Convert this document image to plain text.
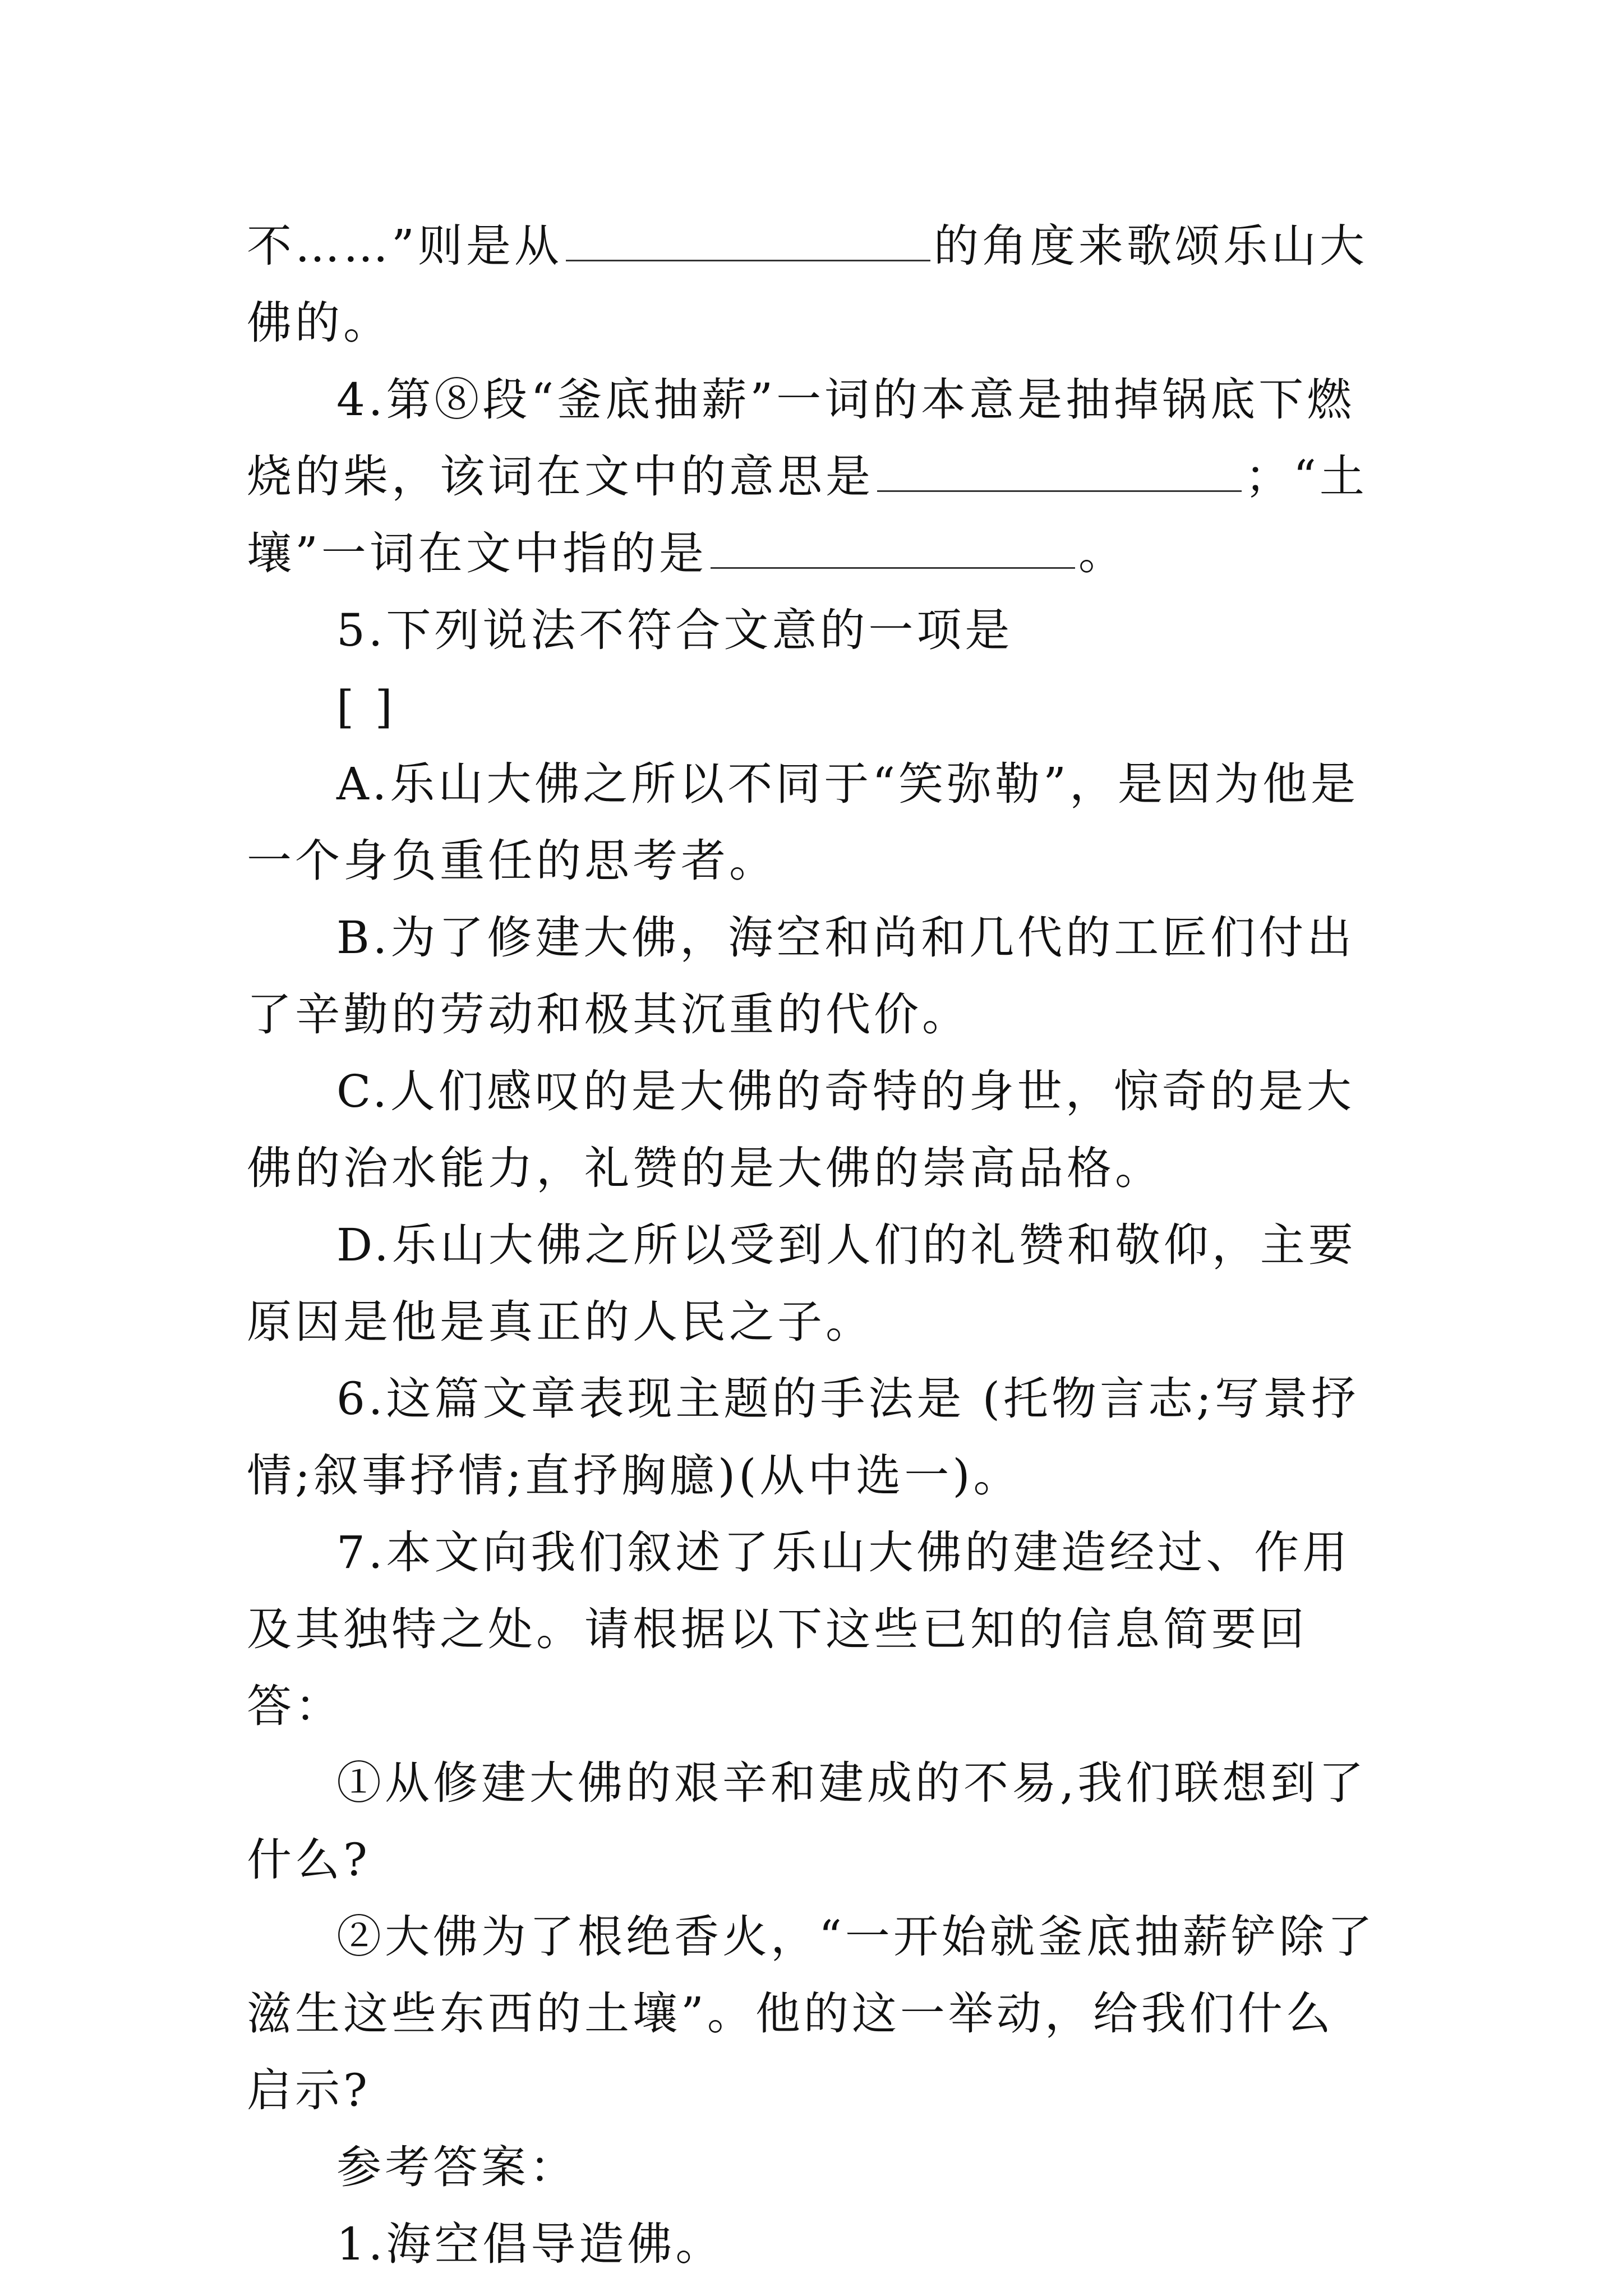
不……”则是从	的角度来歌颂乐山大佛的。

4.第⑧段“釜底抽薪”一词的本意是抽掉锅底下燃烧的柴，该词在文中的意思是	；“土壤”一词在文中指的是	。

5.下列说法不符合文意的一项是

[ ]

A.乐山大佛之所以不同于“笑弥勒”，是因为他是一个身负重任的思考者。

B.为了修建大佛，海空和尚和几代的工匠们付出了辛勤的劳动和极其沉重的代价。

C.人们感叹的是大佛的奇特的身世，惊奇的是大佛的治水能力，礼赞的是大佛的崇高品格。

D.乐山大佛之所以受到人们的礼赞和敬仰，主要原因是他是真正的人民之子。

6.这篇文章表现主题的手法是 (托物言志;写景抒情;叙事抒情;直抒胸臆)(从中选一)。

7.本文向我们叙述了乐山大佛的建造经过、作用及其独特之处。请根据以下这些已知的信息简要回答：

①从修建大佛的艰辛和建成的不易,我们联想到了什么?

②大佛为了根绝香火，“一开始就釜底抽薪铲除了滋生这些东西的土壤”。他的这一举动，给我们什么启示?

参考答案：

1.海空倡导造佛。
